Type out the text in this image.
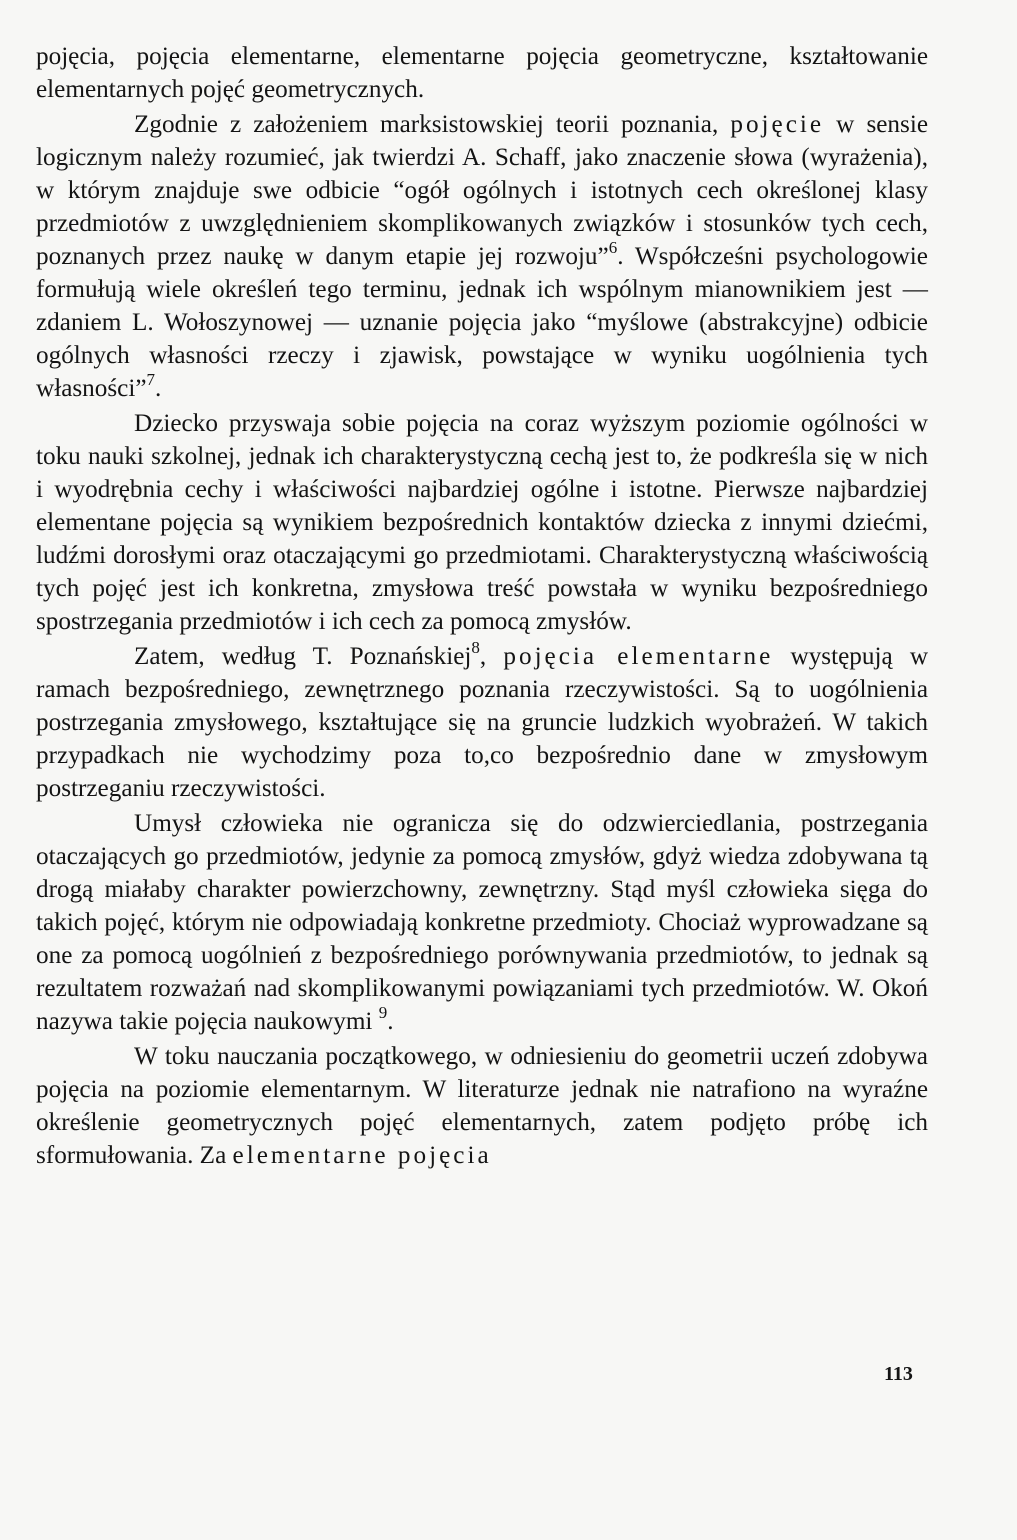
pojęcia, pojęcia elementarne, elementarne pojęcia geometryczne, kształtowanie elementarnych pojęć geometrycznych.

Zgodnie z założeniem marksistowskiej teorii poznania, pojęcie w sensie logicznym należy rozumieć, jak twierdzi A. Schaff, jako znaczenie słowa (wyrażenia), w którym znajduje swe odbicie “ogół ogólnych i istotnych cech określonej klasy przedmiotów z uwzględnieniem skomplikowanych związków i stosunków tych cech, poznanych przez naukę w danym etapie jej rozwoju”$^6$. Współcześni psychologowie formułują wiele określeń tego terminu, jednak ich wspólnym mianownikiem jest — zdaniem L. Wołoszynowej — uznanie pojęcia jako “myślowe (abstrakcyjne) odbicie ogólnych własności rzeczy i zjawisk, powstające w wyniku uogólnienia tych własności”$^7$.

Dziecko przyswaja sobie pojęcia na coraz wyższym poziomie ogólności w toku nauki szkolnej, jednak ich charakterystyczną cechą jest to, że podkreśla się w nich i wyodrębnia cechy i właściwości najbardziej ogólne i istotne. Pierwsze najbardziej elementane pojęcia są wynikiem bezpośrednich kontaktów dziecka z innymi dziećmi, ludźmi dorosłymi oraz otaczającymi go przedmiotami. Charakterystyczną właściwością tych pojęć jest ich konkretna, zmysłowa treść powstała w wyniku bezpośredniego spostrzegania przedmiotów i ich cech za pomocą zmysłów.

Zatem, według T. Poznańskiej$^8$, pojęcia elementarne występują w ramach bezpośredniego, zewnętrznego poznania rzeczywistości. Są to uogólnienia postrzegania zmysłowego, kształtujące się na gruncie ludzkich wyobrażeń. W takich przypadkach nie wychodzimy poza to,co bezpośrednio dane w zmysłowym postrzeganiu rzeczywistości.

Umysł człowieka nie ogranicza się do odzwierciedlania, postrzegania otaczających go przedmiotów, jedynie za pomocą zmysłów, gdyż wiedza zdobywana tą drogą miałaby charakter powierzchowny, zewnętrzny. Stąd myśl człowieka sięga do takich pojęć, którym nie odpowiadają konkretne przedmioty. Chociaż wyprowadzane są one za pomocą uogólnień z bezpośredniego porównywania przedmiotów, to jednak są rezultatem rozważań nad skomplikowanymi powiązaniami tych przedmiotów. W. Okoń nazywa takie pojęcia naukowymi $^9$.

W toku nauczania początkowego, w odniesieniu do geometrii uczeń zdobywa pojęcia na poziomie elementarnym. W literaturze jednak nie natrafiono na wyraźne określenie geometrycznych pojęć elementarnych, zatem podjęto próbę ich sformułowania. Za elementarne pojęcia

113
